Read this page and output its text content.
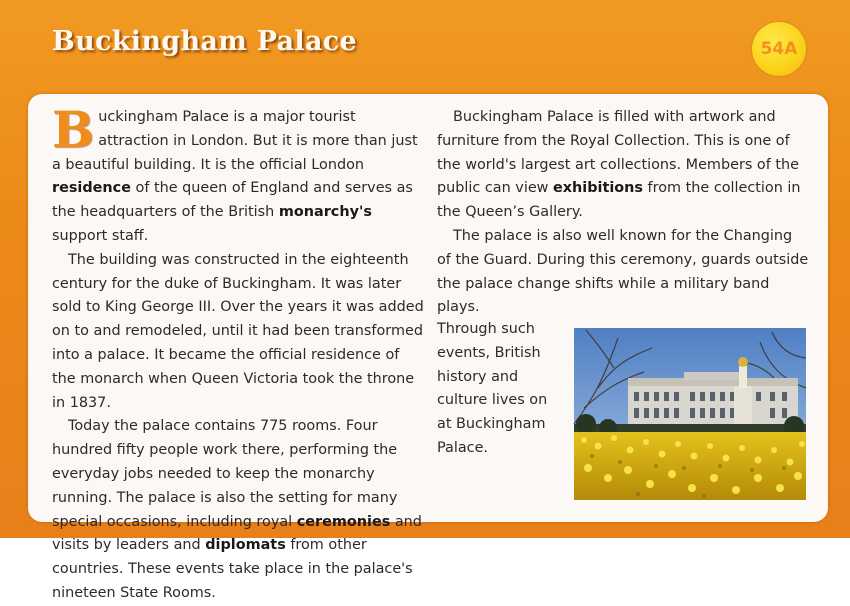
Buckingham Palace	54A

Buckingham Palace is a major tourist attraction in London. But it is more than just a beautiful building. It is the official London residence of the queen of England and serves as the headquarters of the British monarchy's support staff.

The building was constructed in the eighteenth century for the duke of Buckingham. It was later sold to King George III. Over the years it was added on to and remodeled, until it had been transformed into a palace. It became the official residence of the monarch when Queen Victoria took the throne in 1837.

Today the palace contains 775 rooms. Four hundred fifty people work there, performing the everyday jobs needed to keep the monarchy running. The palace is also the setting for many special occasions, including royal ceremonies and visits by leaders and diplomats from other countries. These events take place in the palace's nineteen State Rooms.

Buckingham Palace is filled with artwork and furniture from the Royal Collection. This is one of the world's largest art collections. Members of the public can view exhibitions from the collection in the Queen’s Gallery.

The palace is also well known for the Changing of the Guard. During this ceremony, guards outside the palace change shifts while a military band plays.

Through such events, British history and culture lives on at Buckingham Palace.
